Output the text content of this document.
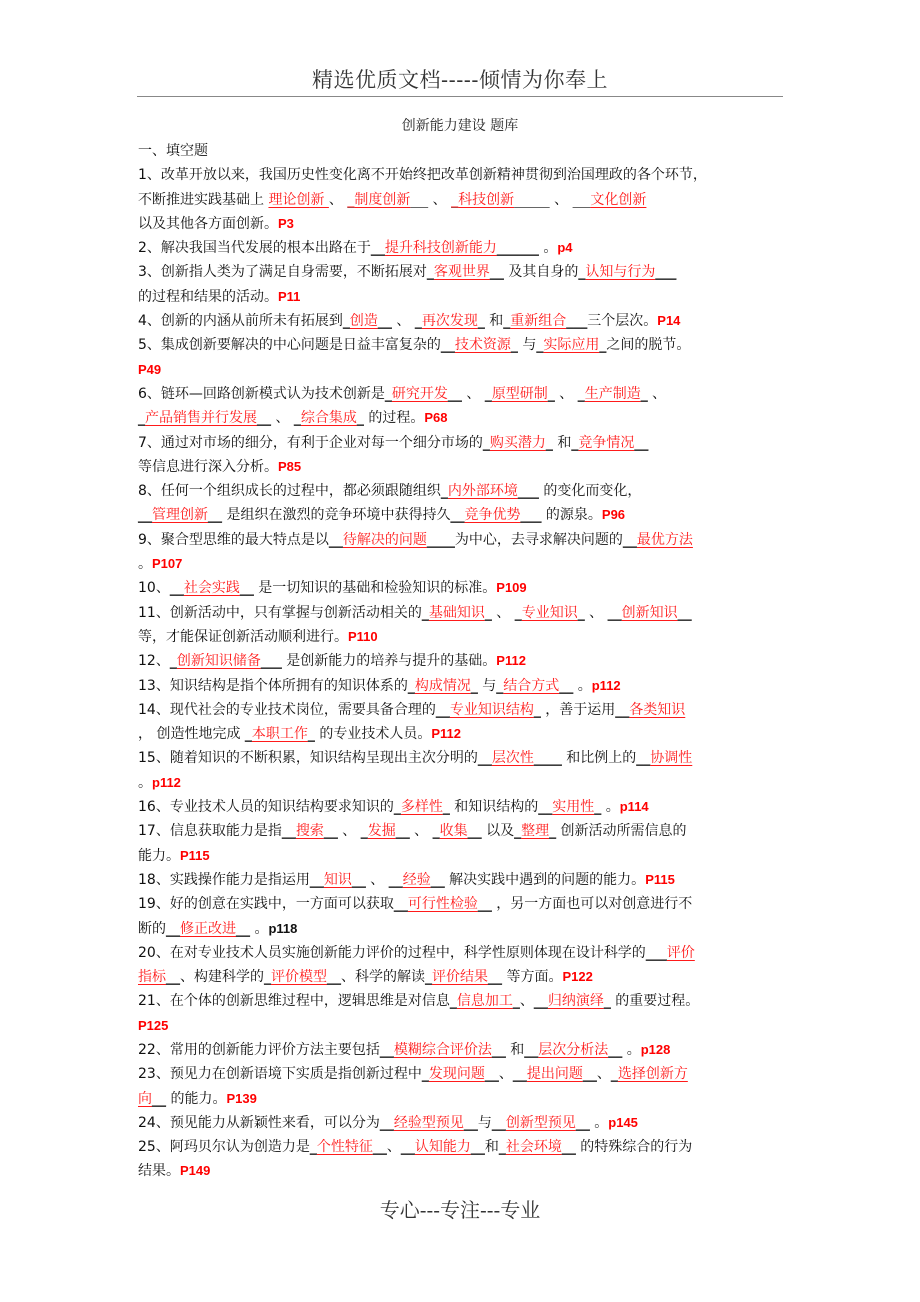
精选优质文档-----倾情为你奉上
创新能力建设 题库
一、填空题
1、改革开放以来，我国历史性变化离不开始终把改革创新精神贯彻到治国理政的各个环节，
不断推进实践基础上 理论创新 、 _制度创新     、 _科技创新	、     文化创新
以及其他各方面创新。P3
2、解决我国当代发展的根本出路在于__提升科技创新能力______ 。p4
3、创新指人类为了满足自身需要，不断拓展对_客观世界__ 及其自身的_认知与行为___
的过程和结果的活动。P11
4、创新的内涵从前所未有拓展到_创造__ 、 _再次发现_ 和_重新组合___三个层次。P14
5、集成创新要解决的中心问题是日益丰富复杂的__技术资源_ 与_实际应用_之间的脱节。
P49
6、链环—回路创新模式认为技术创新是_研究开发__ 、 _原型研制_ 、 _生产制造_ 、
_产品销售并行发展__ 、 _综合集成_ 的过程。P68
7、通过对市场的细分，有利于企业对每一个细分市场的_购买潜力_ 和_竞争情况__
等信息进行深入分析。P85
8、任何一个组织成长的过程中，都必须跟随组织_内外部环境___ 的变化而变化，
__管理创新__ 是组织在激烈的竞争环境中获得持久__竞争优势___ 的源泉。P96
9、聚合型思维的最大特点是以__待解决的问题____为中心，去寻求解决问题的__最优方法
。P107
10、__社会实践__ 是一切知识的基础和检验知识的标准。P109
11、创新活动中，只有掌握与创新活动相关的_基础知识_ 、 _专业知识_ 、 __创新知识__
等，才能保证创新活动顺利进行。P110
12、_创新知识储备___ 是创新能力的培养与提升的基础。P112
13、知识结构是指个体所拥有的知识体系的_构成情况_ 与_结合方式__ 。p112
14、现代社会的专业技术岗位，需要具备合理的__专业知识结构_ ，善于运用__各类知识
， 创造性地完成 _本职工作_ 的专业技术人员。P112
15、随着知识的不断积累，知识结构呈现出主次分明的__层次性____ 和比例上的__协调性
。p112
16、专业技术人员的知识结构要求知识的_多样性_ 和知识结构的__实用性_ 。p114
17、信息获取能力是指__搜索__ 、 _发掘__ 、 _收集__ 以及_整理_ 创新活动所需信息的
能力。P115
18、实践操作能力是指运用__知识__ 、 __经验__ 解决实践中遇到的问题的能力。P115
19、好的创意在实践中，一方面可以获取__可行性检验__ ，另一方面也可以对创意进行不
断的__修正改进__ 。p118
20、在对专业技术人员实施创新能力评价的过程中，科学性原则体现在设计科学的___评价
指标__、构建科学的_评价模型__、科学的解读_评价结果__ 等方面。P122
21、在个体的创新思维过程中，逻辑思维是对信息_信息加工_、__归纳演绎_ 的重要过程。
P125
22、常用的创新能力评价方法主要包括__模糊综合评价法__ 和__层次分析法__ 。p128
23、预见力在创新语境下实质是指创新过程中_发现问题__、__提出问题__、_选择创新方
向__ 的能力。P139
24、预见能力从新颖性来看，可以分为__经验型预见__与__创新型预见__ 。p145
25、阿玛贝尔认为创造力是_个性特征__、__认知能力__和_社会环境__ 的特殊综合的行为
结果。P149
专心---专注---专业
